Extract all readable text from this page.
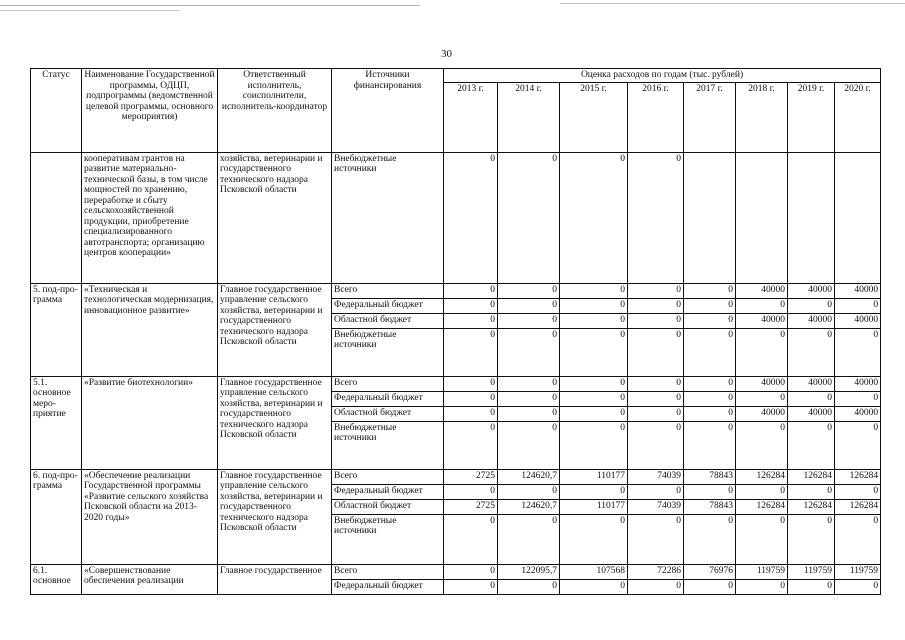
30
Статус	Наименование Государственной программы, ОДЦП, подпрограммы (ведомственной целевой программы, основного мероприятия)	Ответственный исполнитель, соисполнители, исполнитель-координатор	Источники финансирования	Оценка расходов по годам (тыс. рублей)							
				2013 г.	2014 г.	2015 г.	2016 г.	2017 г.	2018 г.	2019 г.	2020 г.
	кооперативам грантов на развитие материально-технической базы, в том числе мощностей по хранению, переработке и сбыту сельскохозяйственной продукции, приобретение специализированного автотранспорта; организацию центров кооперации»	хозяйства, ветеринарии и государственного технического надзора Псковской области	Внебюджетные источники	0	0	0	0				
5. под-про-грамма	«Техническая и технологическая модернизация, инновационное развитие»	Главное государственное управление сельского хозяйства, ветеринарии и государственного технического надзора Псковской области	Всего	0	0	0	0	0	40000	40000	40000
			Федеральный бюджет	0	0	0	0	0	0	0	0
			Областной бюджет	0	0	0	0	0	40000	40000	40000
			Внебюджетные источники	0	0	0	0	0	0	0	0
5.1. основное меро-приятие	«Развитие биотехнологии»	Главное государственное управление сельского хозяйства, ветеринарии и государственного технического надзора Псковской области	Всего	0	0	0	0	0	40000	40000	40000
			Федеральный бюджет	0	0	0	0	0	0	0	0
			Областной бюджет	0	0	0	0	0	40000	40000	40000
			Внебюджетные источники	0	0	0	0	0	0	0	0
6. под-про-грамма	«Обеспечение реализации Государственной программы «Развитие сельского хозяйства Псковской области на 2013-2020 годы»	Главное государственное управление сельского хозяйства, ветеринарии и государственного технического надзора Псковской области	Всего	2725	124620,7	110177	74039	78843	126284	126284	126284
			Федеральный бюджет	0	0	0	0	0	0	0	0
			Областной бюджет	2725	124620,7	110177	74039	78843	126284	126284	126284
			Внебюджетные источники	0	0	0	0	0	0	0	0
6.1. основное	«Совершенствование обеспечения реализации	Главное государственное	Всего	0	122095,7	107568	72286	76976	119759	119759	119759
			Федеральный бюджет	0	0	0	0	0	0	0	0
